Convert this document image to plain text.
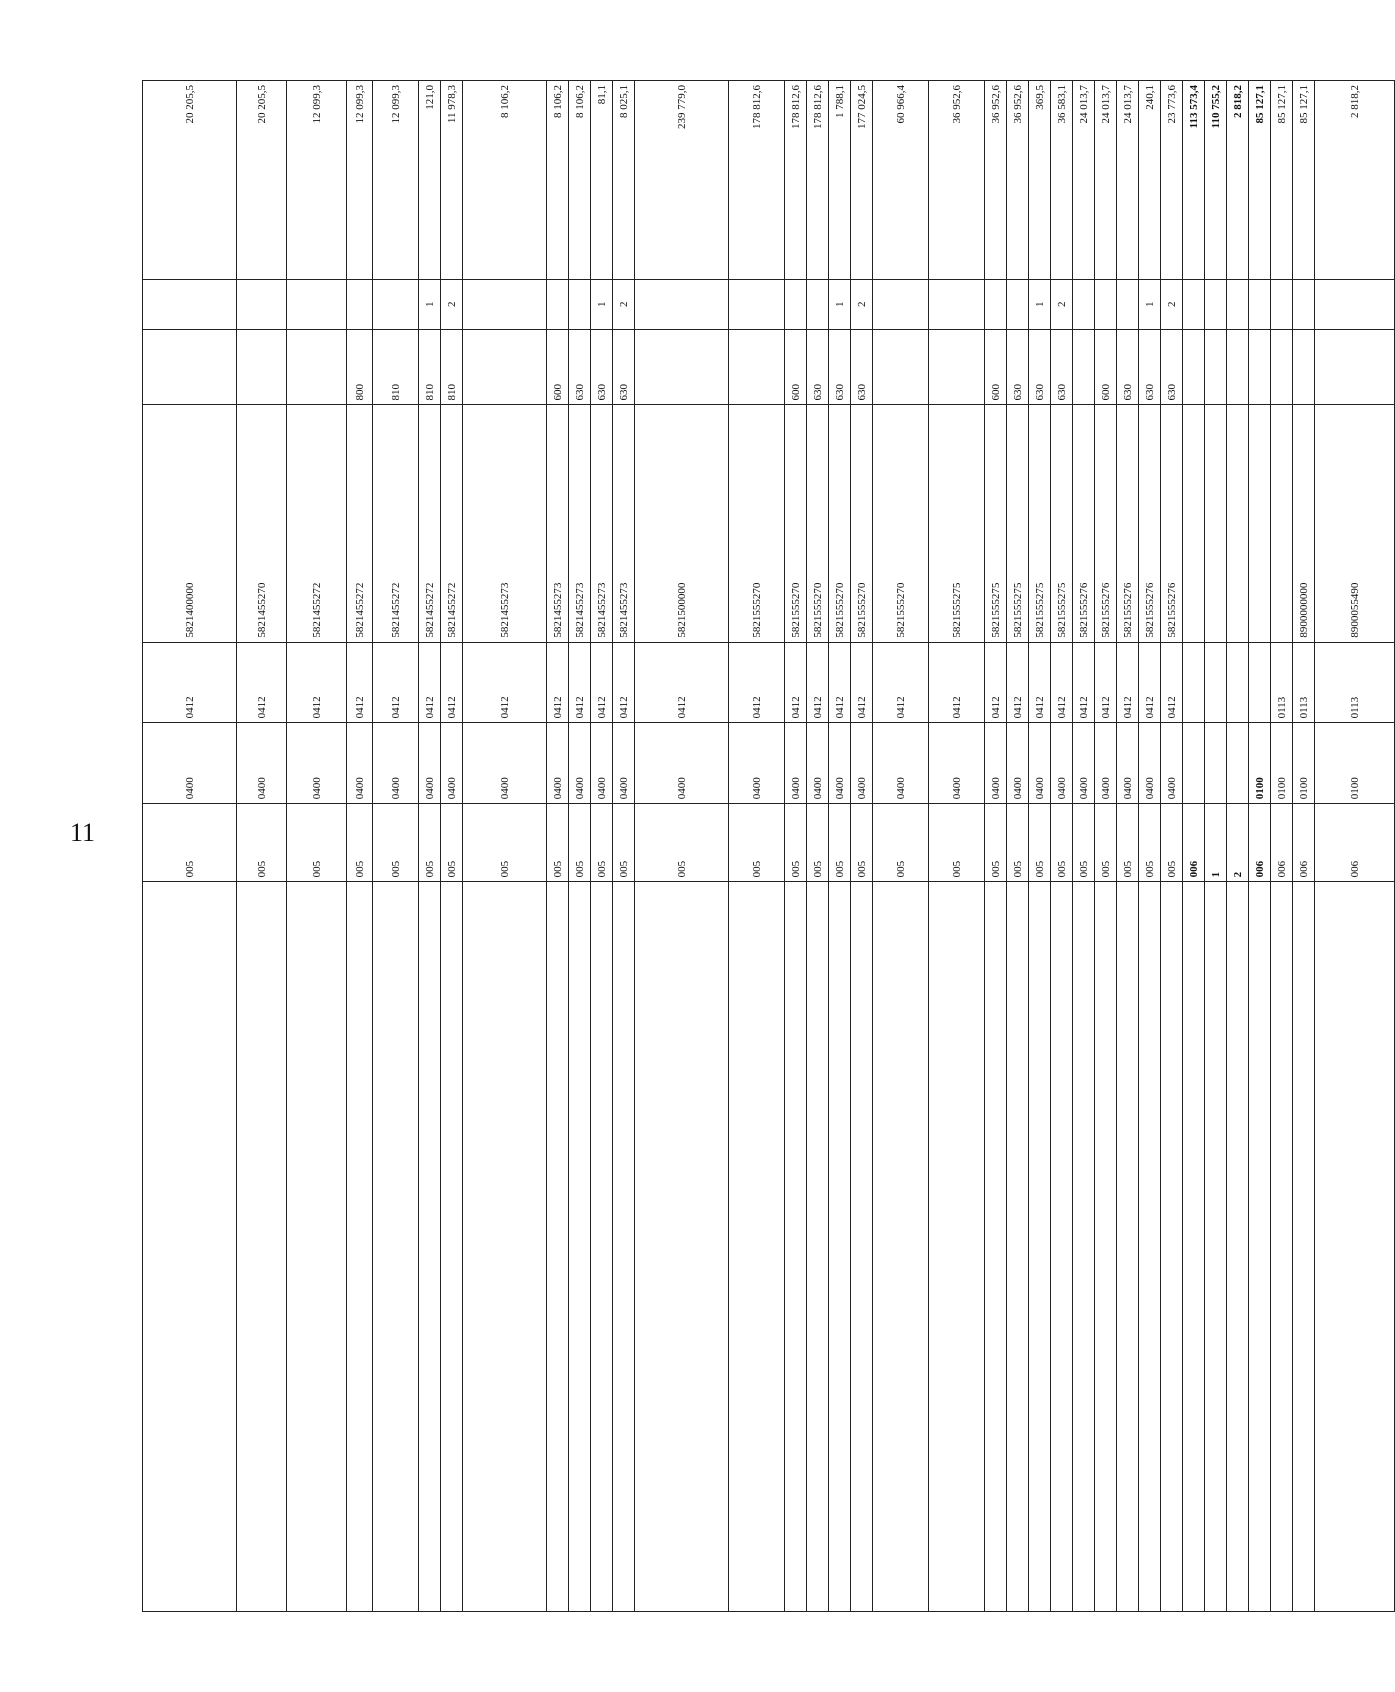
11
	005	0400	0412	5821400000			20 205,5
	005	0400	0412	5821455270			20 205,5
	005	0400	0412	5821455272			12 099,3
	005	0400	0412	5821455272	800		12 099,3
	005	0400	0412	5821455272	810		12 099,3
	005	0400	0412	5821455272	810	1	121,0
	005	0400	0412	5821455272	810	2	11 978,3
	005	0400	0412	5821455273			8 106,2
	005	0400	0412	5821455273	600		8 106,2
	005	0400	0412	5821455273	630		8 106,2
	005	0400	0412	5821455273	630	1	81,1
	005	0400	0412	5821455273	630	2	8 025,1
	005	0400	0412	5821500000			239 779,0
	005	0400	0412	5821555270			178 812,6
	005	0400	0412	5821555270	600		178 812,6
	005	0400	0412	5821555270	630		178 812,6
	005	0400	0412	5821555270	630	1	1 788,1
	005	0400	0412	5821555270	630	2	177 024,5
	005	0400	0412	5821555270			60 966,4
	005	0400	0412	5821555275			36 952,6
	005	0400	0412	5821555275	600		36 952,6
	005	0400	0412	5821555275	630		36 952,6
	005	0400	0412	5821555275	630	1	369,5
	005	0400	0412	5821555275	630	2	36 583,1
	005	0400	0412	5821555276			24 013,7
	005	0400	0412	5821555276	600		24 013,7
	005	0400	0412	5821555276	630		24 013,7
	005	0400	0412	5821555276	630	1	240,1
	005	0400	0412	5821555276	630	2	23 773,6
	006						113 573,4
	1						110 755,2
	2						2 818,2
	006	0100					85 127,1
	006	0100	0113				85 127,1
	006	0100	0113	8900000000			85 127,1
	006	0100	0113	8900055490			2 818,2
